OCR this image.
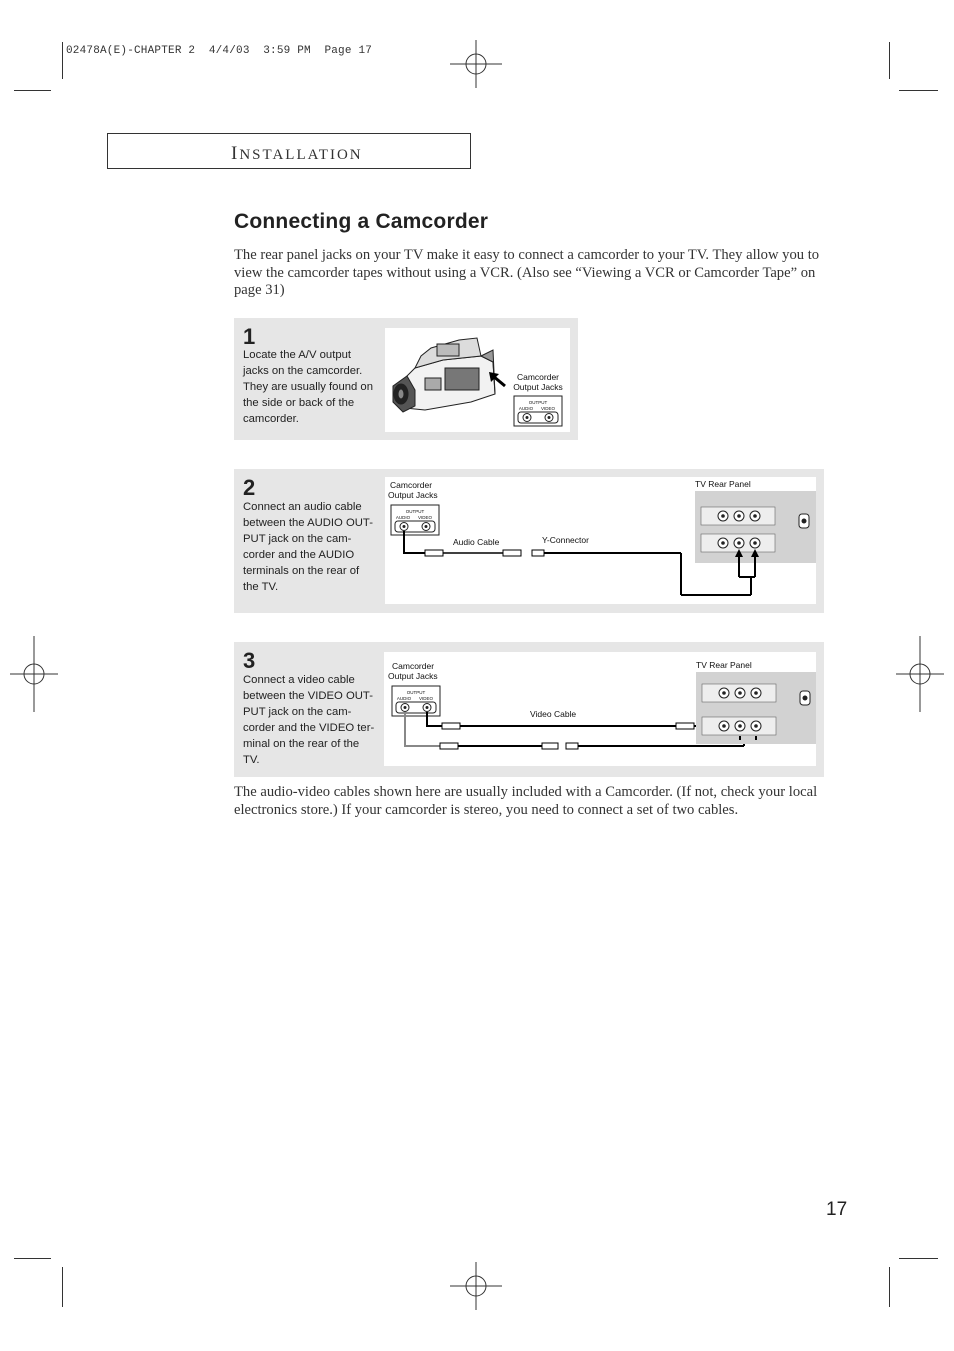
02478A(E)-CHAPTER 2  4/4/03  3:59 PM  Page 17
INSTALLATION
Connecting a Camcorder
The rear panel jacks on your TV make it easy to connect a camcorder to your TV. They allow you to view the camcorder tapes without using a VCR. (Also see “Viewing a VCR or Camcorder Tape” on page 31)
1
Locate the A/V output
jacks on the camcorder.
They are usually found on
the side or back of the
camcorder.
Camcorder
Output Jacks
OUTPUT
AUDIO VIDEO
2
Connect an audio cable
between the AUDIO OUT-
PUT jack on the cam-
corder and the AUDIO
terminals on the rear of
the TV.
Camcorder
Output Jacks
OUTPUT
AUDIO VIDEO
Audio Cable	Y-Connector
TV Rear Panel
3
Connect a video cable
between the VIDEO OUT-
PUT jack on the cam-
corder and the VIDEO ter-
minal on the rear of the
TV.
Camcorder
Output Jacks
OUTPUT
AUDIO VIDEO
Video Cable
TV Rear Panel
The audio-video cables shown here are usually included with a Camcorder. (If not, check your local electronics store.) If your camcorder is stereo, you need to connect a set of two cables.
17
